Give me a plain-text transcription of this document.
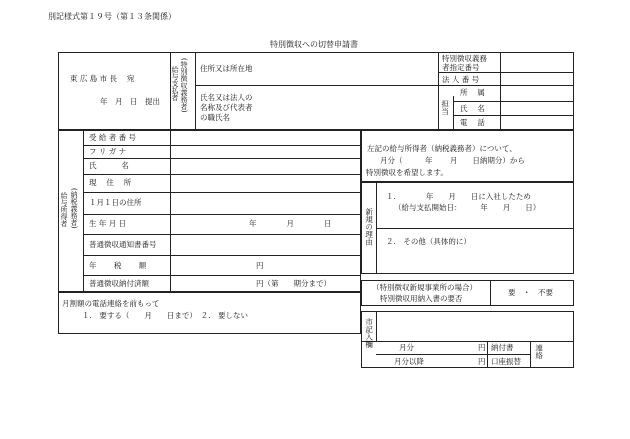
別記様式第１９号（第１３条関係）
特別徴収への切替申請書
東 広 島 市 長　 宛
年　月　日　提出	(特別徴収義務者)
給与支払者	住所又は所在地
氏名又は法人の
名称及び代表者
の職氏名
特別徴収義務
者指定番号
法 人 番 号
担当
所　 属
氏　 名
電　 話
(納税義務者)
給与所得者
受 給 者 番 号
フ リ ガ ナ
氏　　　 名
現　 住　 所
１月１日の住所
生 年 月 日	年　　　　月　　　　日
普通徴収通知書番号
年　　 税　　 額	円
普通徴収納付済額	円（第　　期分まで）
月割額の電話連絡を前もって
１.　要する（　　月　　日まで）　２.　要しない
左記の給与所得者（納税義務者）について、
月分（　　　年　　 月　　日納期分）から
特別徴収を希望します。
新規の理由
１.　　　　年　　月　　日に入社したため
（給与支払開始日：　　　年　　月　　日）
２.　その他（具体的に）
（特別徴収新規事業所の場合）
特別徴収用納入書の要否
要　・　不要
市記入欄	月分	円 納付書
月分以降	円 口座振替
連絡
